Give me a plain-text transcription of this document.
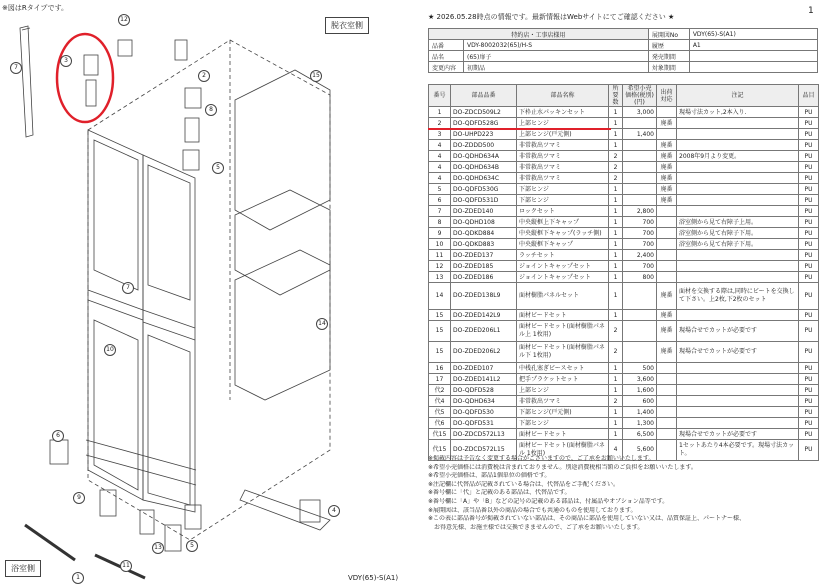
※図はRタイプです。
脱衣室側
浴室側
VDY(65)-S(A1)
12
3
2
7
8
5
1
6
9
10
11
13
14
15
4
7
5
1
★ 2026.05.28時点の情報です。最新情報はWebサイトにてご確認ください ★
特約店・工事店様用		展開図No	VDY(65)-S(A1)
品番	VDY-8002032(65)/H-S	履歴	A1
品名	(65)扉子	発売期間	
変更内容	初期品	対象期間	
番号	部品品番	部品名称	所要数	希望小売価格(税別)(円)	出荷対応	注記	品目
1	DO-ZDCD509L2	下枠止水パッキンセット	1	3,000		現場寸法カット,2本入り.	PU
2	DO-QDFD528G	上部ヒンジ	1		廃番		PU
3	DO-UHPD223	上部ヒンジ(戸元側)	1	1,400			PU
4	DO-ZDDD500	非常救出ツマミ	1		廃番		PU
4	DO-QDHD634A	非常救出ツマミ	2		廃番	2008年9月より変更。	PU
4	DO-QDHD634B	非常救出ツマミ	2		廃番		PU
4	DO-QDHD634C	非常救出ツマミ	2		廃番		PU
5	DO-QDFD530G	下部ヒンジ	1		廃番		PU
6	DO-QDFD531D	下部ヒンジ	1		廃番		PU
7	DO-ZDED140	ロックセット	1	2,800			PU
8	DO-QDHD108	中央縦框上下キャップ	1	700		浴室側から見て右障子上用。	PU
9	DO-QDKD884	中央縦框下キャップ(ラッチ側)	1	700		浴室側から見て右障子下用。	PU
10	DO-QDKD883	中央縦框下キャップ	1	700		浴室側から見て右障子下用。	PU
11	DO-ZDED137	ラッチセット	1	2,400			PU
12	DO-ZDED185	ジョイントキャップセット	1	700			PU
13	DO-ZDED186	ジョイントキャップセット	1	800			PU
14	DO-ZDED138L9	面材樹脂パネルセット	1		廃番	面材を交換する際は,同時にビートを交換して下さい。上2枚,下2枚のセット	PU
15	DO-ZDED142L9	面材ビードセット	1		廃番		PU
15	DO-ZDED206L1	面材ビードセット(面材樹脂パネル上 1枚用)	2		廃番	現場合せでカットが必要です	PU
15	DO-ZDED206L2	面材ビードセット(面材樹脂パネル下 1枚用)	2		廃番	現場合せでカットが必要です	PU
16	DO-ZDED107	中桟孔塞ぎビースセット	1	500			PU
17	DO-ZDED141L2	把手プラケットセット	1	3,600			PU
代2	DO-QDFD528	上部ヒンジ	1	1,600			PU
代4	DO-QDHD634	非常救出ツマミ	2	600			PU
代5	DO-QDFD530	下部ヒンジ(戸元側)	1	1,400			PU
代6	DO-QDFD531	下部ヒンジ	1	1,300			PU
代15	DO-ZDCD572L13	面材ビードセット	1	6,500		現場合せでカットが必要です	PU
代15	DO-ZDCD572L15	面材ビードセット(面材樹脂パネル 1枚用)	4	5,600		1セットあたり4本必要です。現場寸法カット。	PU
※掲載内容は予告なく変更する場合がございますので、ご了承をお願いいたします。
※希望小売価格には消費税は含まれておりません。別途消費税相当額のご負担をお願いいたします。
※希望小売価格は、部品1個単位の価格です。
※注記欄に代替品が記載されている場合は、代替品をご手配ください。
※番号欄に「代」と記載のある部品は、代替品です。
※番号欄に「A」や「B」などの記号の記載のある部品は、付属品やオプション品等です。
※展開図は、該当品番以外の商品の場合でも共通のものを使用しております。
※この表に部品番号が掲載されていない部品は、その商品に部品を使用していない又は、品質保証上、パートナー様、
お得意先様、お施主様では交換できませんので、ご了承をお願いいたします。
